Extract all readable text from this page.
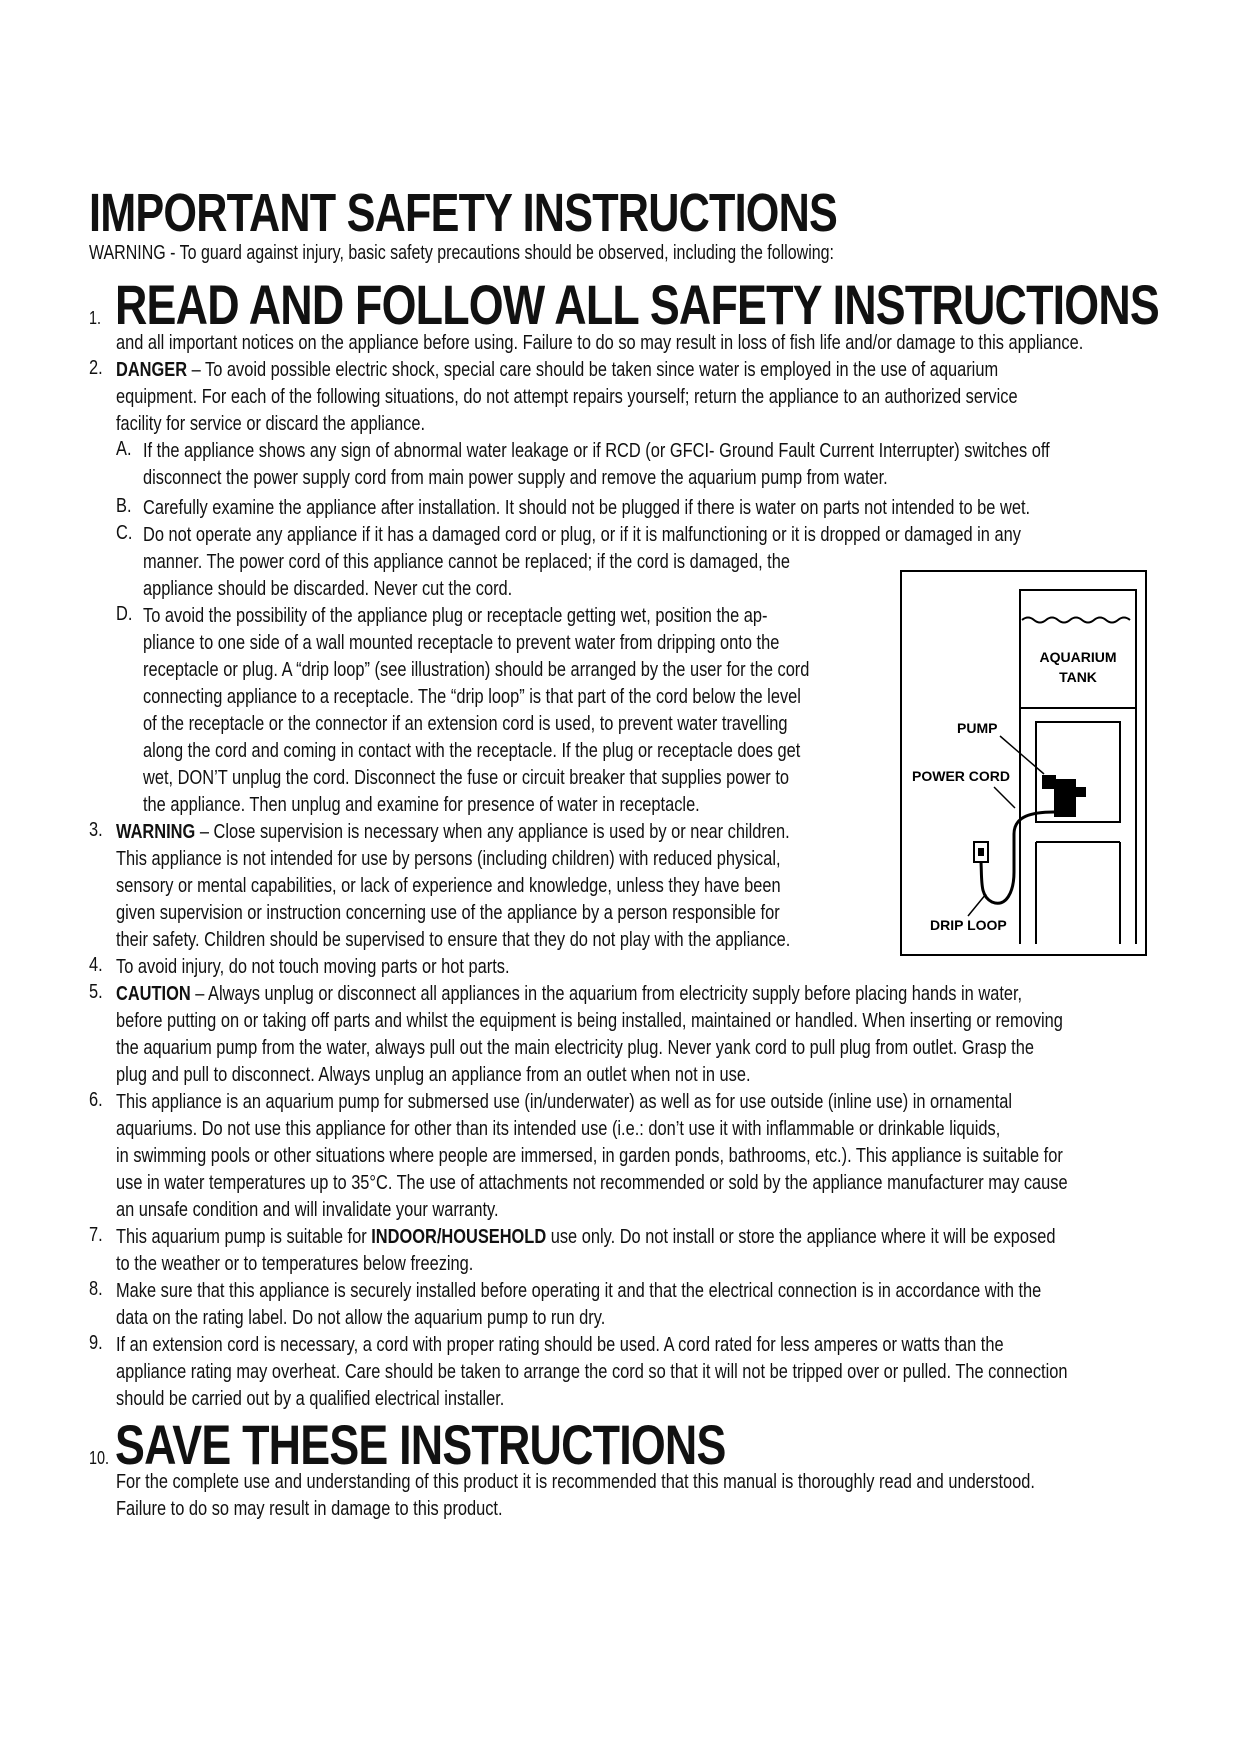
IMPORTANT SAFETY INSTRUCTIONS
WARNING - To guard against injury, basic safety precautions should be observed, including the following:
1. READ AND FOLLOW ALL SAFETY INSTRUCTIONS
and all important notices on the appliance before using. Failure to do so may result in loss of fish life and/or damage to this appliance.
2. DANGER – To avoid possible electric shock, special care should be taken since water is employed in the use of aquarium
equipment. For each of the following situations, do not attempt repairs yourself; return the appliance to an authorized service
facility for service or discard the appliance.
A. If the appliance shows any sign of abnormal water leakage or if RCD (or GFCI- Ground Fault Current Interrupter) switches off
disconnect the power supply cord from main power supply and remove the aquarium pump from water.
B. Carefully examine the appliance after installation. It should not be plugged if there is water on parts not intended to be wet.
C. Do not operate any appliance if it has a damaged cord or plug, or if it is malfunctioning or it is dropped or damaged in any
manner. The power cord of this appliance cannot be replaced; if the cord is damaged, the
appliance should be discarded. Never cut the cord.
D. To avoid the possibility of the appliance plug or receptacle getting wet, position the ap-
pliance to one side of a wall mounted receptacle to prevent water from dripping onto the
receptacle or plug. A “drip loop” (see illustration) should be arranged by the user for the cord
connecting appliance to a receptacle. The “drip loop” is that part of the cord below the level
of the receptacle or the connector if an extension cord is used, to prevent water travelling
along the cord and coming in contact with the receptacle. If the plug or receptacle does get
wet, DON’T unplug the cord. Disconnect the fuse or circuit breaker that supplies power to
the appliance. Then unplug and examine for presence of water in receptacle.
3. WARNING – Close supervision is necessary when any appliance is used by or near children.
This appliance is not intended for use by persons (including children) with reduced physical,
sensory or mental capabilities, or lack of experience and knowledge, unless they have been
given supervision or instruction concerning use of the appliance by a person responsible for
their safety. Children should be supervised to ensure that they do not play with the appliance.
4. To avoid injury, do not touch moving parts or hot parts.
5. CAUTION – Always unplug or disconnect all appliances in the aquarium from electricity supply before placing hands in water,
before putting on or taking off parts and whilst the equipment is being installed, maintained or handled. When inserting or removing
the aquarium pump from the water, always pull out the main electricity plug. Never yank cord to pull plug from outlet. Grasp the
plug and pull to disconnect. Always unplug an appliance from an outlet when not in use.
6. This appliance is an aquarium pump for submersed use (in/underwater) as well as for use outside (inline use) in ornamental
aquariums. Do not use this appliance for other than its intended use (i.e.: don’t use it with inflammable or drinkable liquids,
in swimming pools or other situations where people are immersed, in garden ponds, bathrooms, etc.). This appliance is suitable for
use in water temperatures up to 35°C. The use of attachments not recommended or sold by the appliance manufacturer may cause
an unsafe condition and will invalidate your warranty.
7. This aquarium pump is suitable for INDOOR/HOUSEHOLD use only. Do not install or store the appliance where it will be exposed
to the weather or to temperatures below freezing.
8. Make sure that this appliance is securely installed before operating it and that the electrical connection is in accordance with the
data on the rating label. Do not allow the aquarium pump to run dry.
9. If an extension cord is necessary, a cord with proper rating should be used. A cord rated for less amperes or watts than the
appliance rating may overheat. Care should be taken to arrange the cord so that it will not be tripped over or pulled. The connection
should be carried out by a qualified electrical installer.
10. SAVE THESE INSTRUCTIONS
For the complete use and understanding of this product it is recommended that this manual is thoroughly read and understood.
Failure to do so may result in damage to this product.
AQUARIUM
TANK
PUMP
POWER CORD
DRIP LOOP
